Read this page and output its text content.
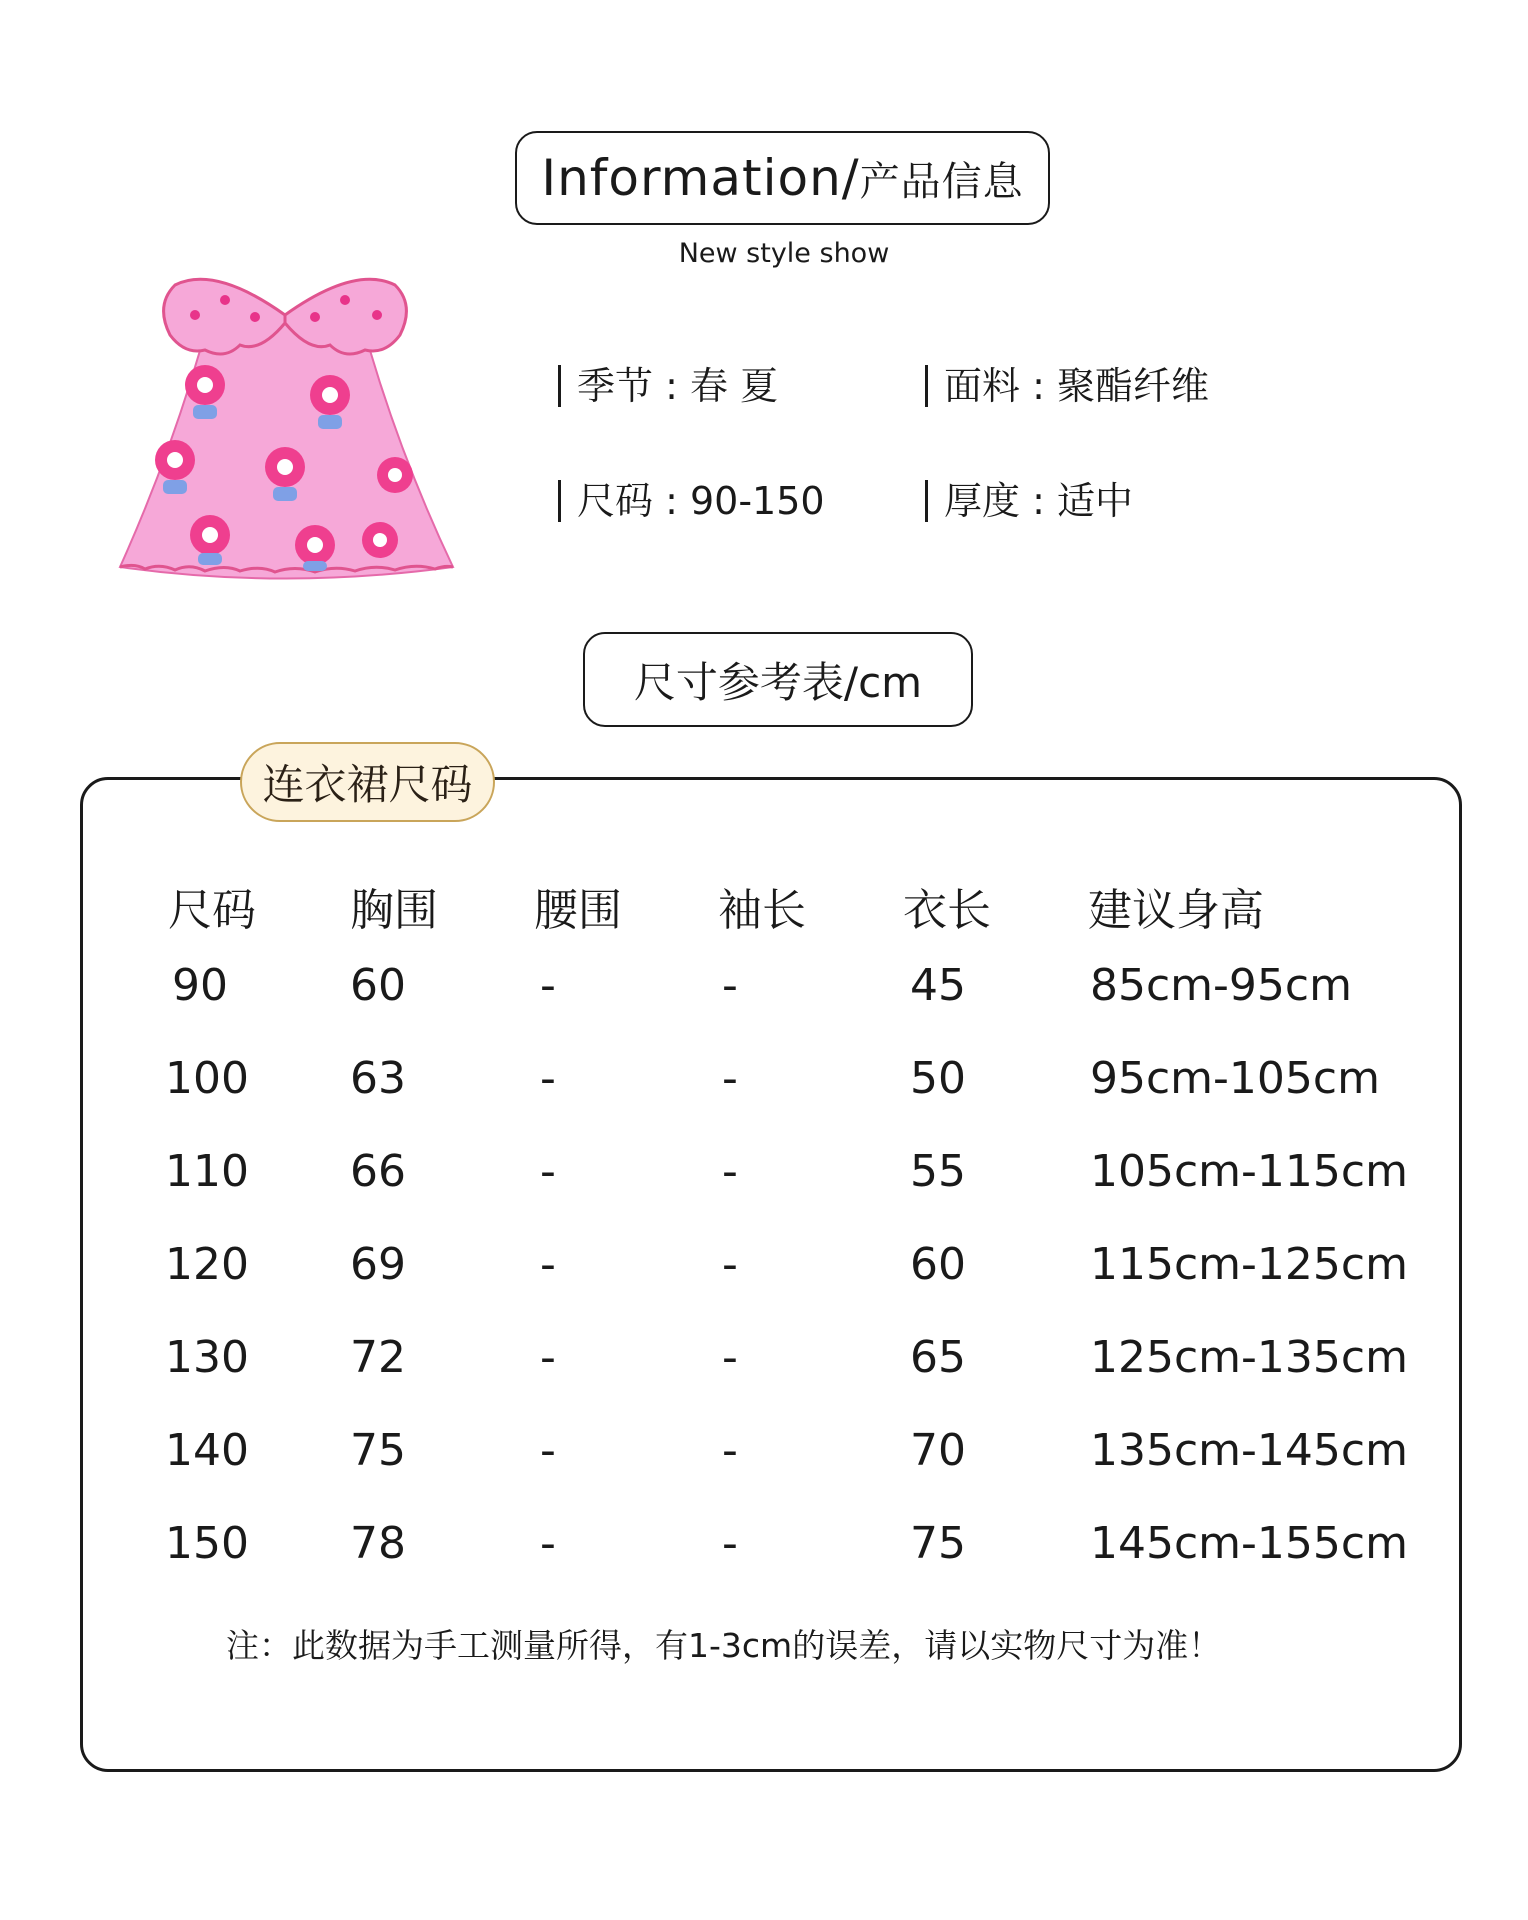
Information/ 产品信息
New style show
季节 : 春 夏	面料 : 聚酯纤维
尺码 : 90-150	厚度 : 适中
尺寸参考表/cm
连衣裙尺码
尺码 胸围 腰围 袖长 衣长 建议身高
90	60	-	-	45	85cm-95cm
100 63	-	-	50	95cm-105cm
110 66	-	-	55	105cm-115cm
120 69	-	-	60	115cm-125cm
130 72	-	-	65	125cm-135cm
140 75	-	-	70	135cm-145cm
150 78	-	-	75	145cm-155cm
注：此数据为手工测量所得，有1-3cm的误差，请以实物尺寸为准！
